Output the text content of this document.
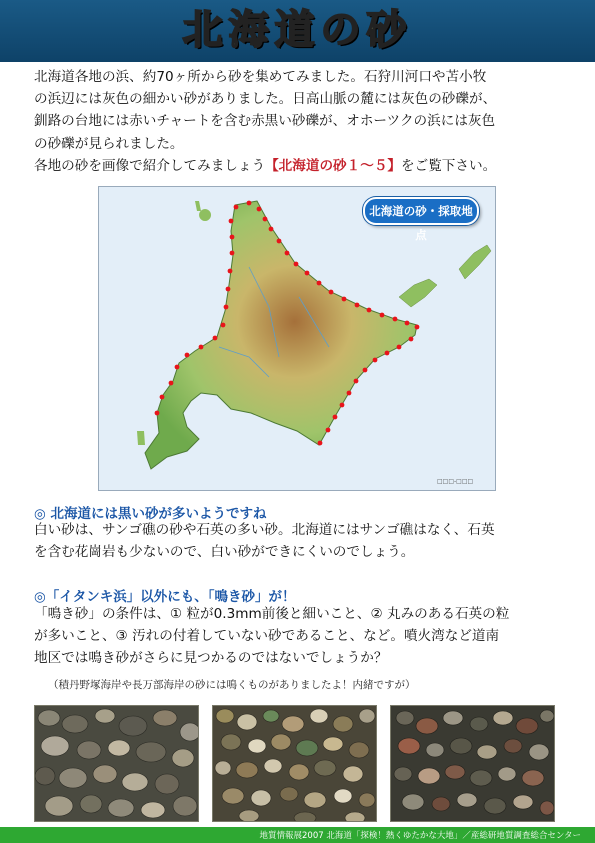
北海道の砂

北海道各地の浜、約70ヶ所から砂を集めてみました。石狩川河口や苫小牧

の浜辺には灰色の細かい砂がありました。日高山脈の麓には灰色の砂礫が、

釧路の台地には赤いチャートを含む赤黒い砂礫が、オホーツクの浜には灰色

の砂礫が見られました。

各地の砂を画像で紹介してみましょう【北海道の砂１〜５】をご覧下さい。

□□□-□□□
北海道の砂・採取地点
◎ 北海道には黒い砂が多いようですね

白い砂は、サンゴ礁の砂や石英の多い砂。北海道にはサンゴ礁はなく、石英
を含む花崗岩も少ないので、白い砂ができにくいのでしょう。

◎「イタンキ浜」以外にも、「鳴き砂」が！

「鳴き砂」の条件は、① 粒が0.3mm前後と細いこと、② 丸みのある石英の粒
が多いこと、③ 汚れの付着していない砂であること、など。噴火湾など道南
地区では鳴き砂がさらに見つかるのではないでしょうか？

（積丹野塚海岸や長万部海岸の砂には鳴くものがありましたよ！内緒ですが）
地質情報展2007 北海道「探検！熱くゆたかな大地」／産総研地質調査総合センター
